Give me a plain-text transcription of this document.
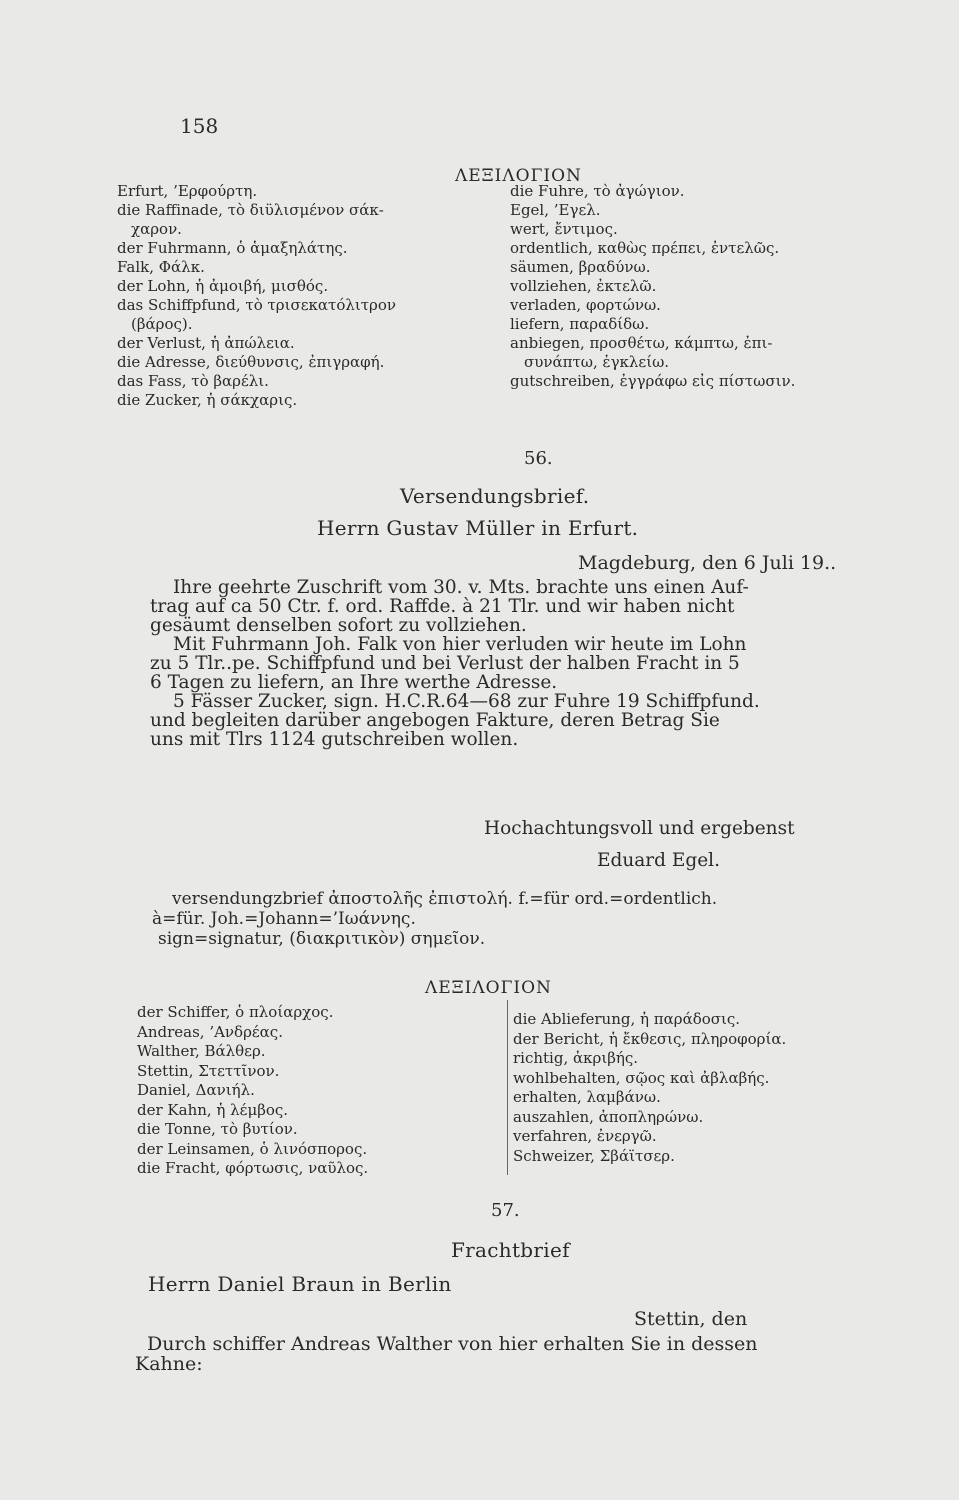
158
ΛΕΞΙΛΟΓΙΟΝ
Erfurt, ’Ερφούρτη.
die Raffinade, τὸ διϋλισμένον σάκ-
χαρον.
der Fuhrmann, ὁ ἁμαξηλάτης.
Falk, Φάλκ.
der Lohn, ἡ ἀμοιβή, μισθός.
das Schiffpfund, τὸ τρισεκατόλιτρον
(βάρος).
der Verlust, ἡ ἀπώλεια.
die Adresse, διεύθυνσις, ἐπιγραφή.
das Fass, τὸ βαρέλι.
die Zucker, ἡ σάκχαρις.
die Fuhre, τὸ ἀγώγιον.
Egel, ’Εγελ.
wert, ἔντιμος.
ordentlich, καθὼς πρέπει, ἐντελῶς.
säumen, βραδύνω.
vollziehen, ἐκτελῶ.
verladen, φορτώνω.
liefern, παραδίδω.
anbiegen, προσθέτω, κάμπτω, ἐπι-
συνάπτω, ἐγκλείω.
gutschreiben, ἐγγράφω εἰς πίστωσιν.
56.
Versendungsbrief.
Herrn Gustav Müller in Erfurt.
Magdeburg, den 6 Juli 19..
Ihre geehrte Zuschrift vom 30. v. Mts. brachte uns einen Auf-
trag auf ca 50 Ctr. f. ord. Raffde. à 21 Tlr. und wir haben nicht
gesäumt denselben sofort zu vollziehen.
Mit Fuhrmann Joh. Falk von hier verluden wir heute im Lohn
zu 5 Tlr..pe. Schiffpfund und bei Verlust der halben Fracht in 5
6 Tagen zu liefern, an Ihre werthe Adresse.
5 Fässer Zucker, sign. H.C.R.64—68 zur Fuhre 19 Schiffpfund.
und begleiten darüber angebogen Fakture, deren Betrag Sie
uns mit Tlrs 1124 gutschreiben wollen.
Hochachtungsvoll und ergebenst
Eduard Egel.
versendungzbrief ἀποστολῆς ἐπιστολή. f.=für ord.=ordentlich.
à=für. Joh.=Johann=’Ιωάννης.
sign=signatur, (διακριτικὸν) σημεῖον.
ΛΕΞΙΛΟΓΙΟΝ
der Schiffer, ὁ πλοίαρχος.
Andreas, ’Ανδρέας.
Walther, Βάλθερ.
Stettin, Στεττῖνον.
Daniel, Δανιήλ.
der Kahn, ἡ λέμβος.
die Tonne, τὸ βυτίον.
der Leinsamen, ὁ λινόσπορος.
die Fracht, φόρτωσις, ναῦλος.
die Ablieferung, ἡ παράδοσις.
der Bericht, ἡ ἔκθεσις, πληροφορία.
richtig, ἀκριβής.
wohlbehalten, σῷος καὶ ἀβλαβής.
erhalten, λαμβάνω.
auszahlen, ἀποπληρώνω.
verfahren, ἐνεργῶ.
Schweizer, Σβάϊτσερ.
57.
Frachtbrief
Herrn Daniel Braun in Berlin
Stettin, den
Durch schiffer Andreas Walther von hier erhalten Sie in dessen
Kahne:
